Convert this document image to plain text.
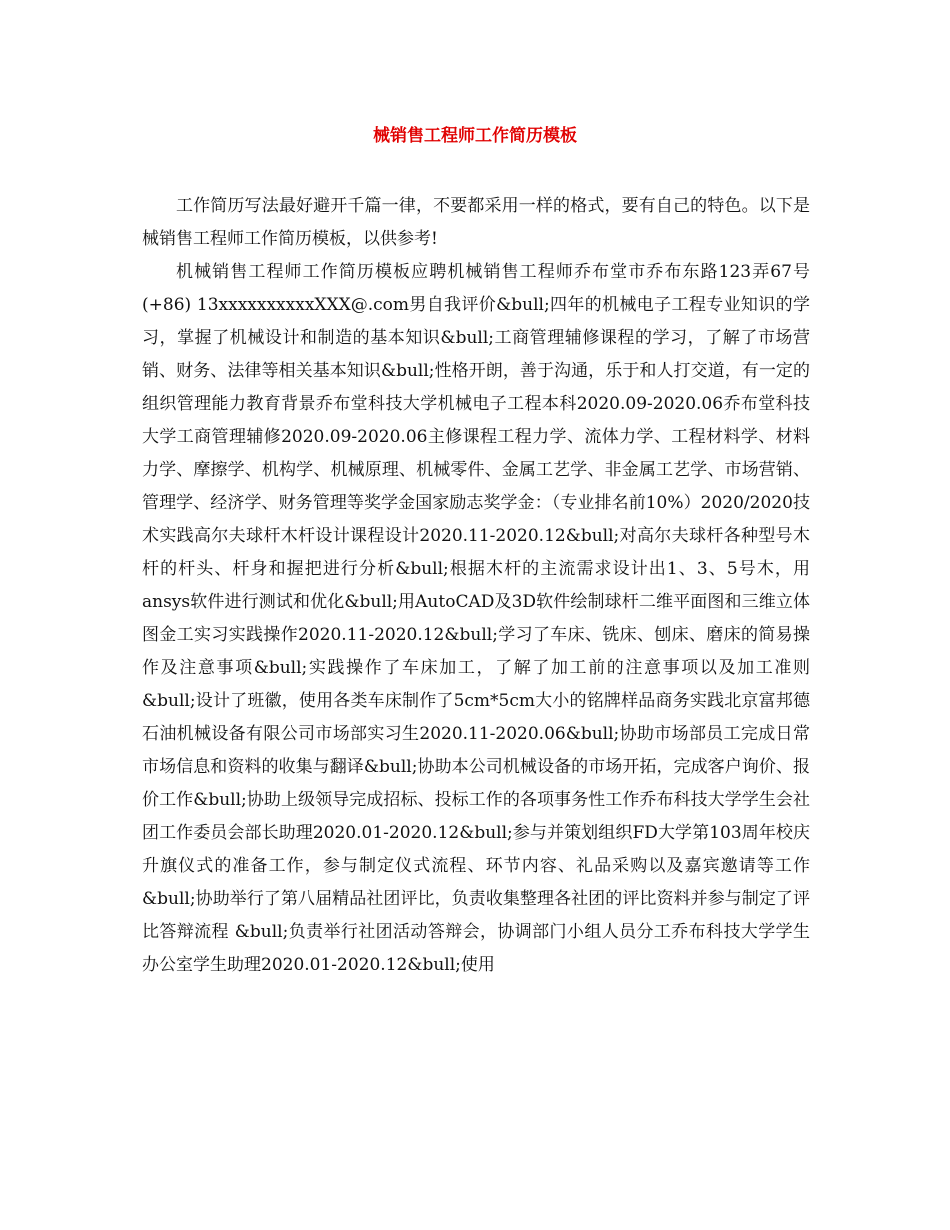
械销售工程师工作简历模板

工作简历写法最好避开千篇一律，不要都采用一样的格式，要有自己的特色。以下是械销售工程师工作简历模板，以供参考!

机械销售工程师工作简历模板应聘机械销售工程师乔布堂市乔布东路123弄67号(+86) 13xxxxxxxxxxXXX@.com男自我评价&bull;四年的机械电子工程专业知识的学习，掌握了机械设计和制造的基本知识&bull;工商管理辅修课程的学习，了解了市场营销、财务、法律等相关基本知识&bull;性格开朗，善于沟通，乐于和人打交道，有一定的组织管理能力教育背景乔布堂科技大学机械电子工程本科2020.09-2020.06乔布堂科技大学工商管理辅修2020.09-2020.06主修课程工程力学、流体力学、工程材料学、材料力学、摩擦学、机构学、机械原理、机械零件、金属工艺学、非金属工艺学、市场营销、管理学、经济学、财务管理等奖学金国家励志奖学金：（专业排名前10%）2020/2020技术实践高尔夫球杆木杆设计课程设计2020.11-2020.12&bull;对高尔夫球杆各种型号木杆的杆头、杆身和握把进行分析&bull;根据木杆的主流需求设计出1、3、5号木，用ansys软件进行测试和优化&bull;用AutoCAD及3D软件绘制球杆二维平面图和三维立体图金工实习实践操作2020.11-2020.12&bull;学习了车床、铣床、刨床、磨床的简易操作及注意事项&bull;实践操作了车床加工，了解了加工前的注意事项以及加工准则&bull;设计了班徽，使用各类车床制作了5cm*5cm大小的铭牌样品商务实践北京富邦德石油机械设备有限公司市场部实习生2020.11-2020.06&bull;协助市场部员工完成日常市场信息和资料的收集与翻译&bull;协助本公司机械设备的市场开拓，完成客户询价、报价工作&bull;协助上级领导完成招标、投标工作的各项事务性工作乔布科技大学学生会社团工作委员会部长助理2020.01-2020.12&bull;参与并策划组织FD大学第103周年校庆升旗仪式的准备工作，参与制定仪式流程、环节内容、礼品采购以及嘉宾邀请等工作&bull;协助举行了第八届精品社团评比，负责收集整理各社团的评比资料并参与制定了评比答辩流程 &bull;负责举行社团活动答辩会，协调部门小组人员分工乔布科技大学学生办公室学生助理2020.01-2020.12&bull;使用
